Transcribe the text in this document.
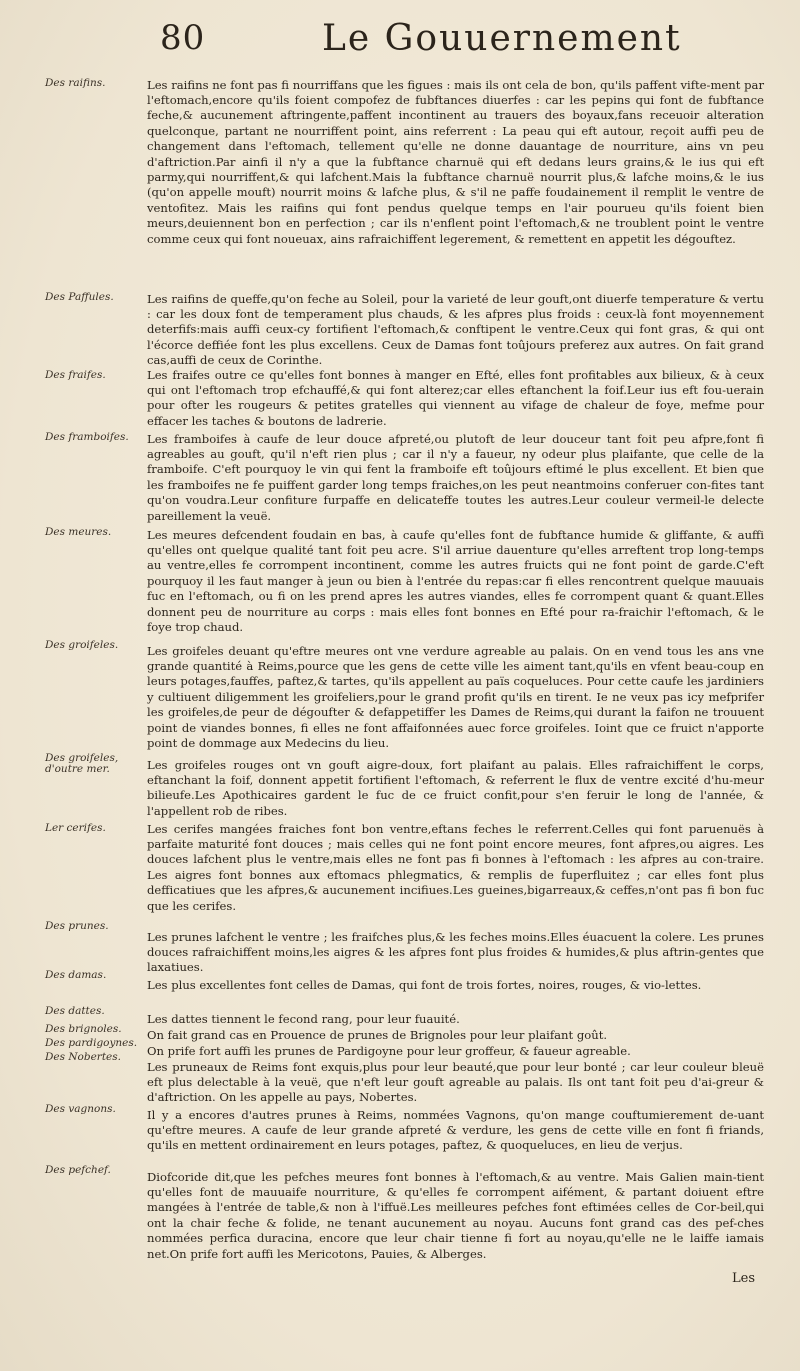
80	Le Gouuernement
Des raifins.
Des Paffules.
Des fraifes.
Des framboifes.
Des meures.
Des groifeles.
Des groifeles, d'outre mer.
Ler cerifes.
Des prunes.
Des damas.
Des dattes.
Des brignoles.
Des pardigoynes.
Des Nobertes.
Des vagnons.
Des pefchef.

Les raifins ne font pas fi nourriffans que les figues : mais ils ont cela de bon, qu'ils paffent vifte-ment par l'eftomach,encore qu'ils foient compofez de fubftances diuerfes : car les pepins qui font de fubftance feche,& aucunement aftringente,paffent incontinent au trauers des boyaux,fans receuoir alteration quelconque, partant ne nourriffent point, ains referrent : La peau qui eft autour, reçoit auffi peu de changement dans l'eftomach, tellement qu'elle ne donne dauantage de nourriture, ains vn peu d'aftriction.Par ainfi il n'y a que la fubftance charnuë qui eft dedans leurs grains,& le ius qui eft parmy,qui nourriffent,& qui lafchent.Mais la fubftance charnuë nourrit plus,& lafche moins,& le ius (qu'on appelle mouft) nourrit moins & lafche plus, & s'il ne paffe foudainement il remplit le ventre de ventofitez. Mais les raifins qui font pendus quelque temps en l'air pourueu qu'ils foient bien meurs,deuiennent bon en perfection ; car ils n'enflent point l'eftomach,& ne troublent point le ventre comme ceux qui font noueuax, ains rafraichiffent legerement, & remettent en appetit les dégouftez.

Les raifins de queffe,qu'on feche au Soleil, pour la varieté de leur gouft,ont diuerfe temperature & vertu : car les doux font de temperament plus chauds, & les afpres plus froids : ceux-là font moyennement deterfifs:mais auffi ceux-cy fortifient l'eftomach,& conftipent le ventre.Ceux qui font gras, & qui ont l'écorce deffiée font les plus excellens. Ceux de Damas font toûjours preferez aux autres. On fait grand cas,auffi de ceux de Corinthe.

Les fraifes outre ce qu'elles font bonnes à manger en Efté, elles font profitables aux bilieux, & à ceux qui ont l'eftomach trop efchauffé,& qui font alterez;car elles eftanchent la foif.Leur ius eft fou-uerain pour ofter les rougeurs & petites gratelles qui viennent au vifage de chaleur de foye, mefme pour effacer les taches & boutons de ladrerie.

Les framboifes à caufe de leur douce afpreté,ou plutoft de leur douceur tant foit peu afpre,font fi agreables au gouft, qu'il n'eft rien plus ; car il n'y a faueur, ny odeur plus plaifante, que celle de la framboife. C'eft pourquoy le vin qui fent la framboife eft toûjours eftimé le plus excellent. Et bien que les framboifes ne fe puiffent garder long temps fraiches,on les peut neantmoins conferuer con-fites tant qu'on voudra.Leur confiture furpaffe en delicateffe toutes les autres.Leur couleur vermeil-le delecte pareillement la veuë.

Les meures defcendent foudain en bas, à caufe qu'elles font de fubftance humide & gliffante, & auffi qu'elles ont quelque qualité tant foit peu acre. S'il arriue dauenture qu'elles arreftent trop long-temps au ventre,elles fe corrompent incontinent, comme les autres fruicts qui ne font point de garde.C'eft pourquoy il les faut manger à jeun ou bien à l'entrée du repas:car fi elles rencontrent quelque mauuais fuc en l'eftomach, ou fi on les prend apres les autres viandes, elles fe corrompent quant & quant.Elles donnent peu de nourriture au corps : mais elles font bonnes en Efté pour ra-fraichir l'eftomach, & le foye trop chaud.

Les groifeles deuant qu'eftre meures ont vne verdure agreable au palais. On en vend tous les ans vne grande quantité à Reims,pource que les gens de cette ville les aiment tant,qu'ils en vfent beau-coup en leurs potages,fauffes, paftez,& tartes, qu'ils appellent au païs coqueluces. Pour cette caufe les jardiniers y cultiuent diligemment les groifeliers,pour le grand profit qu'ils en tirent. Ie ne veux pas icy mefprifer les groifeles,de peur de dégoufter & defappetiffer les Dames de Reims,qui durant la faifon ne trouuent point de viandes bonnes, fi elles ne font affaifonnées auec force groifeles. Ioint que ce fruict n'apporte point de dommage aux Medecins du lieu.

Les groifeles rouges ont vn gouft aigre-doux, fort plaifant au palais. Elles rafraichiffent le corps, eftanchant la foif, donnent appetit fortifient l'eftomach, & referrent le flux de ventre excité d'hu-meur bilieufe.Les Apothicaires gardent le fuc de ce fruict confit,pour s'en feruir le long de l'année, & l'appellent rob de ribes.

Les cerifes mangées fraiches font bon ventre,eftans feches le referrent.Celles qui font paruenuës à parfaite maturité font douces ; mais celles qui ne font point encore meures, font afpres,ou aigres. Les douces lafchent plus le ventre,mais elles ne font pas fi bonnes à l'eftomach : les afpres au con-traire. Les aigres font bonnes aux eftomacs phlegmatics, & remplis de fuperfluitez ; car elles font plus defficatiues que les afpres,& aucunement incifiues.Les gueines,bigarreaux,& ceffes,n'ont pas fi bon fuc que les cerifes.

Les prunes lafchent le ventre ; les fraifches plus,& les feches moins.Elles éuacuent la colere. Les prunes douces rafraichiffent moins,les aigres & les afpres font plus froides & humides,& plus aftrin-gentes que laxatiues.

Les plus excellentes font celles de Damas, qui font de trois fortes, noires, rouges, & vio-lettes.

Les dattes tiennent le fecond rang, pour leur fuauité.

On fait grand cas en Prouence de prunes de Brignoles pour leur plaifant goût.

On prife fort auffi les prunes de Pardigoyne pour leur groffeur, & faueur agreable.

Les pruneaux de Reims font exquis,plus pour leur beauté,que pour leur bonté ; car leur couleur bleuë eft plus delectable à la veuë, que n'eft leur gouft agreable au palais. Ils ont tant foit peu d'ai-greur & d'aftriction. On les appelle au pays, Nobertes.

Il y a encores d'autres prunes à Reims, nommées Vagnons, qu'on mange couftumierement de-uant qu'eftre meures. A caufe de leur grande afpreté & verdure, les gens de cette ville en font fi friands, qu'ils en mettent ordinairement en leurs potages, paftez, & quoqueluces, en lieu de verjus.

Diofcoride dit,que les pefches meures font bonnes à l'eftomach,& au ventre. Mais Galien main-tient qu'elles font de mauuaife nourriture, & qu'elles fe corrompent aifément, & partant doiuent eftre mangées à l'entrée de table,& non à l'iffuë.Les meilleures pefches font eftimées celles de Cor-beil,qui ont la chair feche & folide, ne tenant aucunement au noyau. Aucuns font grand cas des pef-ches nommées perfica duracina, encore que leur chair tienne fi fort au noyau,qu'elle ne le laiffe iamais net.On prife fort auffi les Mericotons, Pauies, & Alberges.

Les
